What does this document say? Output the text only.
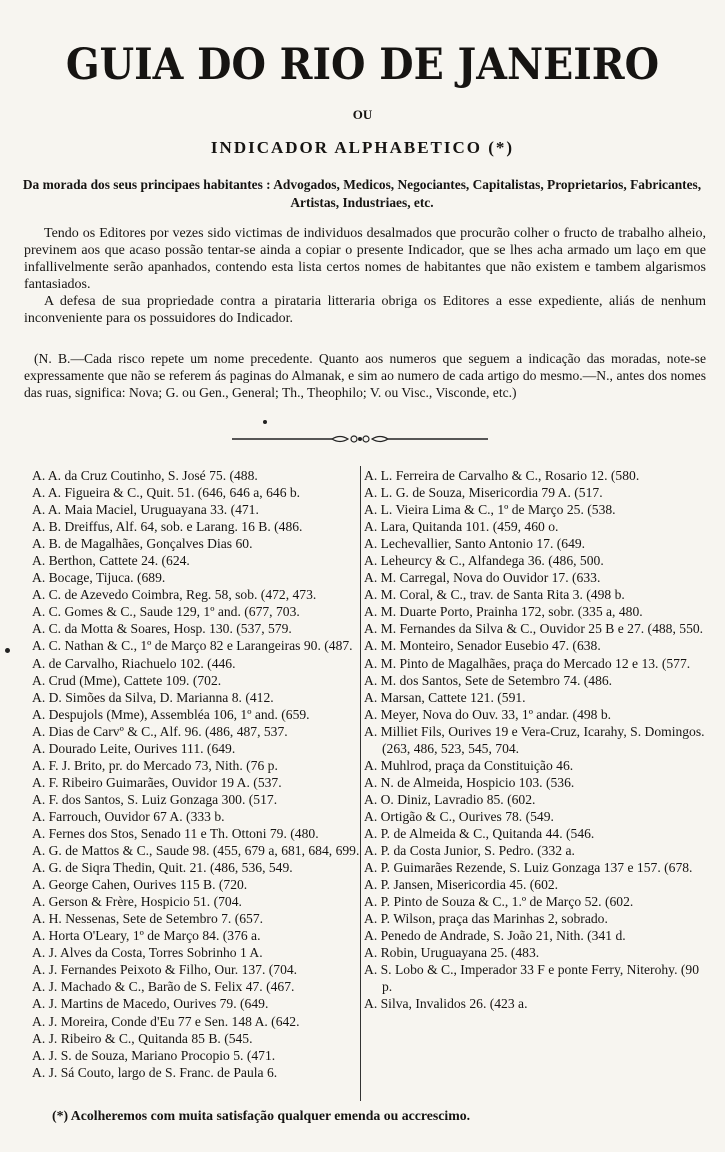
GUIA DO RIO DE JANEIRO
OU
INDICADOR ALPHABETICO (*)
Da morada dos seus principaes habitantes : Advogados, Medicos, Negociantes, Capitalistas, Proprietarios, Fabricantes, Artistas, Industriaes, etc.

Tendo os Editores por vezes sido victimas de individuos desalmados que procurão colher o fructo de trabalho alheio, previnem aos que acaso possão tentar-se ainda a copiar o presente Indicador, que se lhes acha armado um laço em que infallivelmente serão apanhados, contendo esta lista certos nomes de habitantes que não existem e tambem algarismos fantasiados.

A defesa de sua propriedade contra a pirataria litteraria obriga os Editores a esse expediente, aliás de nenhum inconveniente para os possuidores do Indicador.

(N. B.—Cada risco repete um nome precedente. Quanto aos numeros que seguem a indicação das moradas, note-se expressamente que não se referem ás paginas do Almanak, e sim ao numero de cada artigo do mesmo.—N., antes dos nomes das ruas, significa: Nova; G. ou Gen., General; Th., Theophilo; V. ou Visc., Visconde, etc.)

A. A. da Cruz Coutinho, S. José 75. (488.
A. A. Figueira & C., Quit. 51. (646, 646 a, 646 b.
A. A. Maia Maciel, Uruguayana 33. (471.
A. B. Dreiffus, Alf. 64, sob. e Larang. 16 B. (486.
A. B. de Magalhães, Gonçalves Dias 60.
A. Berthon, Cattete 24. (624.
A. Bocage, Tijuca. (689.
A. C. de Azevedo Coimbra, Reg. 58, sob. (472, 473.
A. C. Gomes & C., Saude 129, 1º and. (677, 703.
A. C. da Motta & Soares, Hosp. 130. (537, 579.
A. C. Nathan & C., 1º de Março 82 e Larangeiras 90. (487.
A. de Carvalho, Riachuelo 102. (446.
A. Crud (Mme), Cattete 109. (702.
A. D. Simões da Silva, D. Marianna 8. (412.
A. Despujols (Mme), Assembléa 106, 1º and. (659.
A. Dias de Carvº & C., Alf. 96. (486, 487, 537.
A. Dourado Leite, Ourives 111. (649.
A. F. J. Brito, pr. do Mercado 73, Nith. (76 p.
A. F. Ribeiro Guimarães, Ouvidor 19 A. (537.
A. F. dos Santos, S. Luiz Gonzaga 300. (517.
A. Farrouch, Ouvidor 67 A. (333 b.
A. Fernes dos Stos, Senado 11 e Th. Ottoni 79. (480.
A. G. de Mattos & C., Saude 98. (455, 679 a, 681, 684, 699.
A. G. de Siqra Thedin, Quit. 21. (486, 536, 549.
A. George Cahen, Ourives 115 B. (720.
A. Gerson & Frère, Hospicio 51. (704.
A. H. Nessenas, Sete de Setembro 7. (657.
A. Horta O'Leary, 1º de Março 84. (376 a.
A. J. Alves da Costa, Torres Sobrinho 1 A.
A. J. Fernandes Peixoto & Filho, Our. 137. (704.
A. J. Machado & C., Barão de S. Felix 47. (467.
A. J. Martins de Macedo, Ourives 79. (649.
A. J. Moreira, Conde d'Eu 77 e Sen. 148 A. (642.
A. J. Ribeiro & C., Quitanda 85 B. (545.
A. J. S. de Souza, Mariano Procopio 5. (471.
A. J. Sá Couto, largo de S. Franc. de Paula 6.
A. L. Ferreira de Carvalho & C., Rosario 12. (580.
A. L. G. de Souza, Misericordia 79 A. (517.
A. L. Vieira Lima & C., 1º de Março 25. (538.
A. Lara, Quitanda 101. (459, 460 o.
A. Lechevallier, Santo Antonio 17. (649.
A. Leheurcy & C., Alfandega 36. (486, 500.
A. M. Carregal, Nova do Ouvidor 17. (633.
A. M. Coral, & C., trav. de Santa Rita 3. (498 b.
A. M. Duarte Porto, Prainha 172, sobr. (335 a, 480.
A. M. Fernandes da Silva & C., Ouvidor 25 B e 27. (488, 550.
A. M. Monteiro, Senador Eusebio 47. (638.
A. M. Pinto de Magalhães, praça do Mercado 12 e 13. (577.
A. M. dos Santos, Sete de Setembro 74. (486.
A. Marsan, Cattete 121. (591.
A. Meyer, Nova do Ouv. 33, 1º andar. (498 b.
A. Milliet Fils, Ourives 19 e Vera-Cruz, Icarahy, S. Domingos. (263, 486, 523, 545, 704.
A. Muhlrod, praça da Constituição 46.
A. N. de Almeida, Hospicio 103. (536.
A. O. Diniz, Lavradio 85. (602.
A. Ortigão & C., Ourives 78. (549.
A. P. de Almeida & C., Quitanda 44. (546.
A. P. da Costa Junior, S. Pedro. (332 a.
A. P. Guimarães Rezende, S. Luiz Gonzaga 137 e 157. (678.
A. P. Jansen, Misericordia 45. (602.
A. P. Pinto de Souza & C., 1.º de Março 52. (602.
A. P. Wilson, praça das Marinhas 2, sobrado.
A. Penedo de Andrade, S. João 21, Nith. (341 d.
A. Robin, Uruguayana 25. (483.
A. S. Lobo & C., Imperador 33 F e ponte Ferry, Niterohy. (90 p.
A. Silva, Invalidos 26. (423 a.
(*) Acolheremos com muita satisfação qualquer emenda ou accrescimo.
